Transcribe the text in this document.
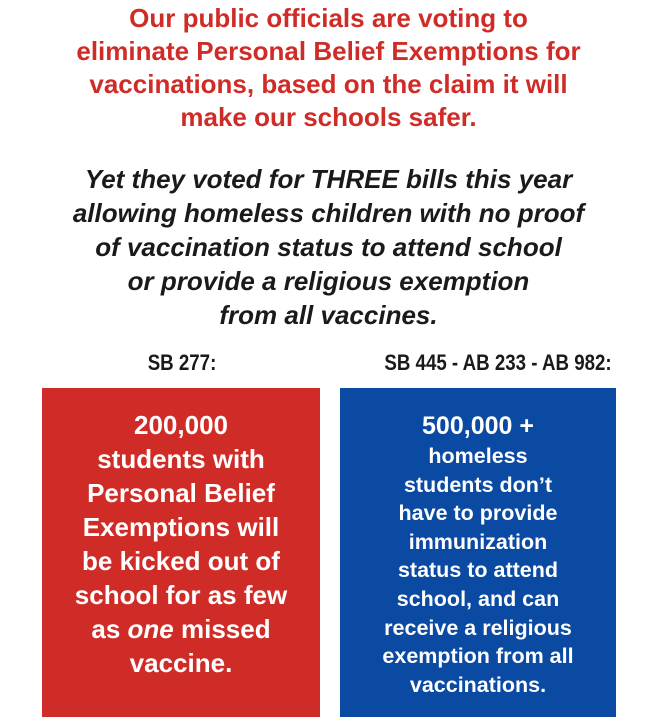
Our public officials are voting to
eliminate Personal Belief Exemptions for
vaccinations, based on the claim it will
make our schools safer.
Yet they voted for THREE bills this year
allowing homeless children with no proof
of vaccination status to attend school
or provide a religious exemption
from all vaccines.
SB 277:	SB 445 - AB 233 - AB 982:
200,000
students with
Personal Belief
Exemptions will
be kicked out of
school for as few
as one missed
vaccine.
500,000 +
homeless
students don’t
have to provide
immunization
status to attend
school, and can
receive a religious
exemption from all
vaccinations.
